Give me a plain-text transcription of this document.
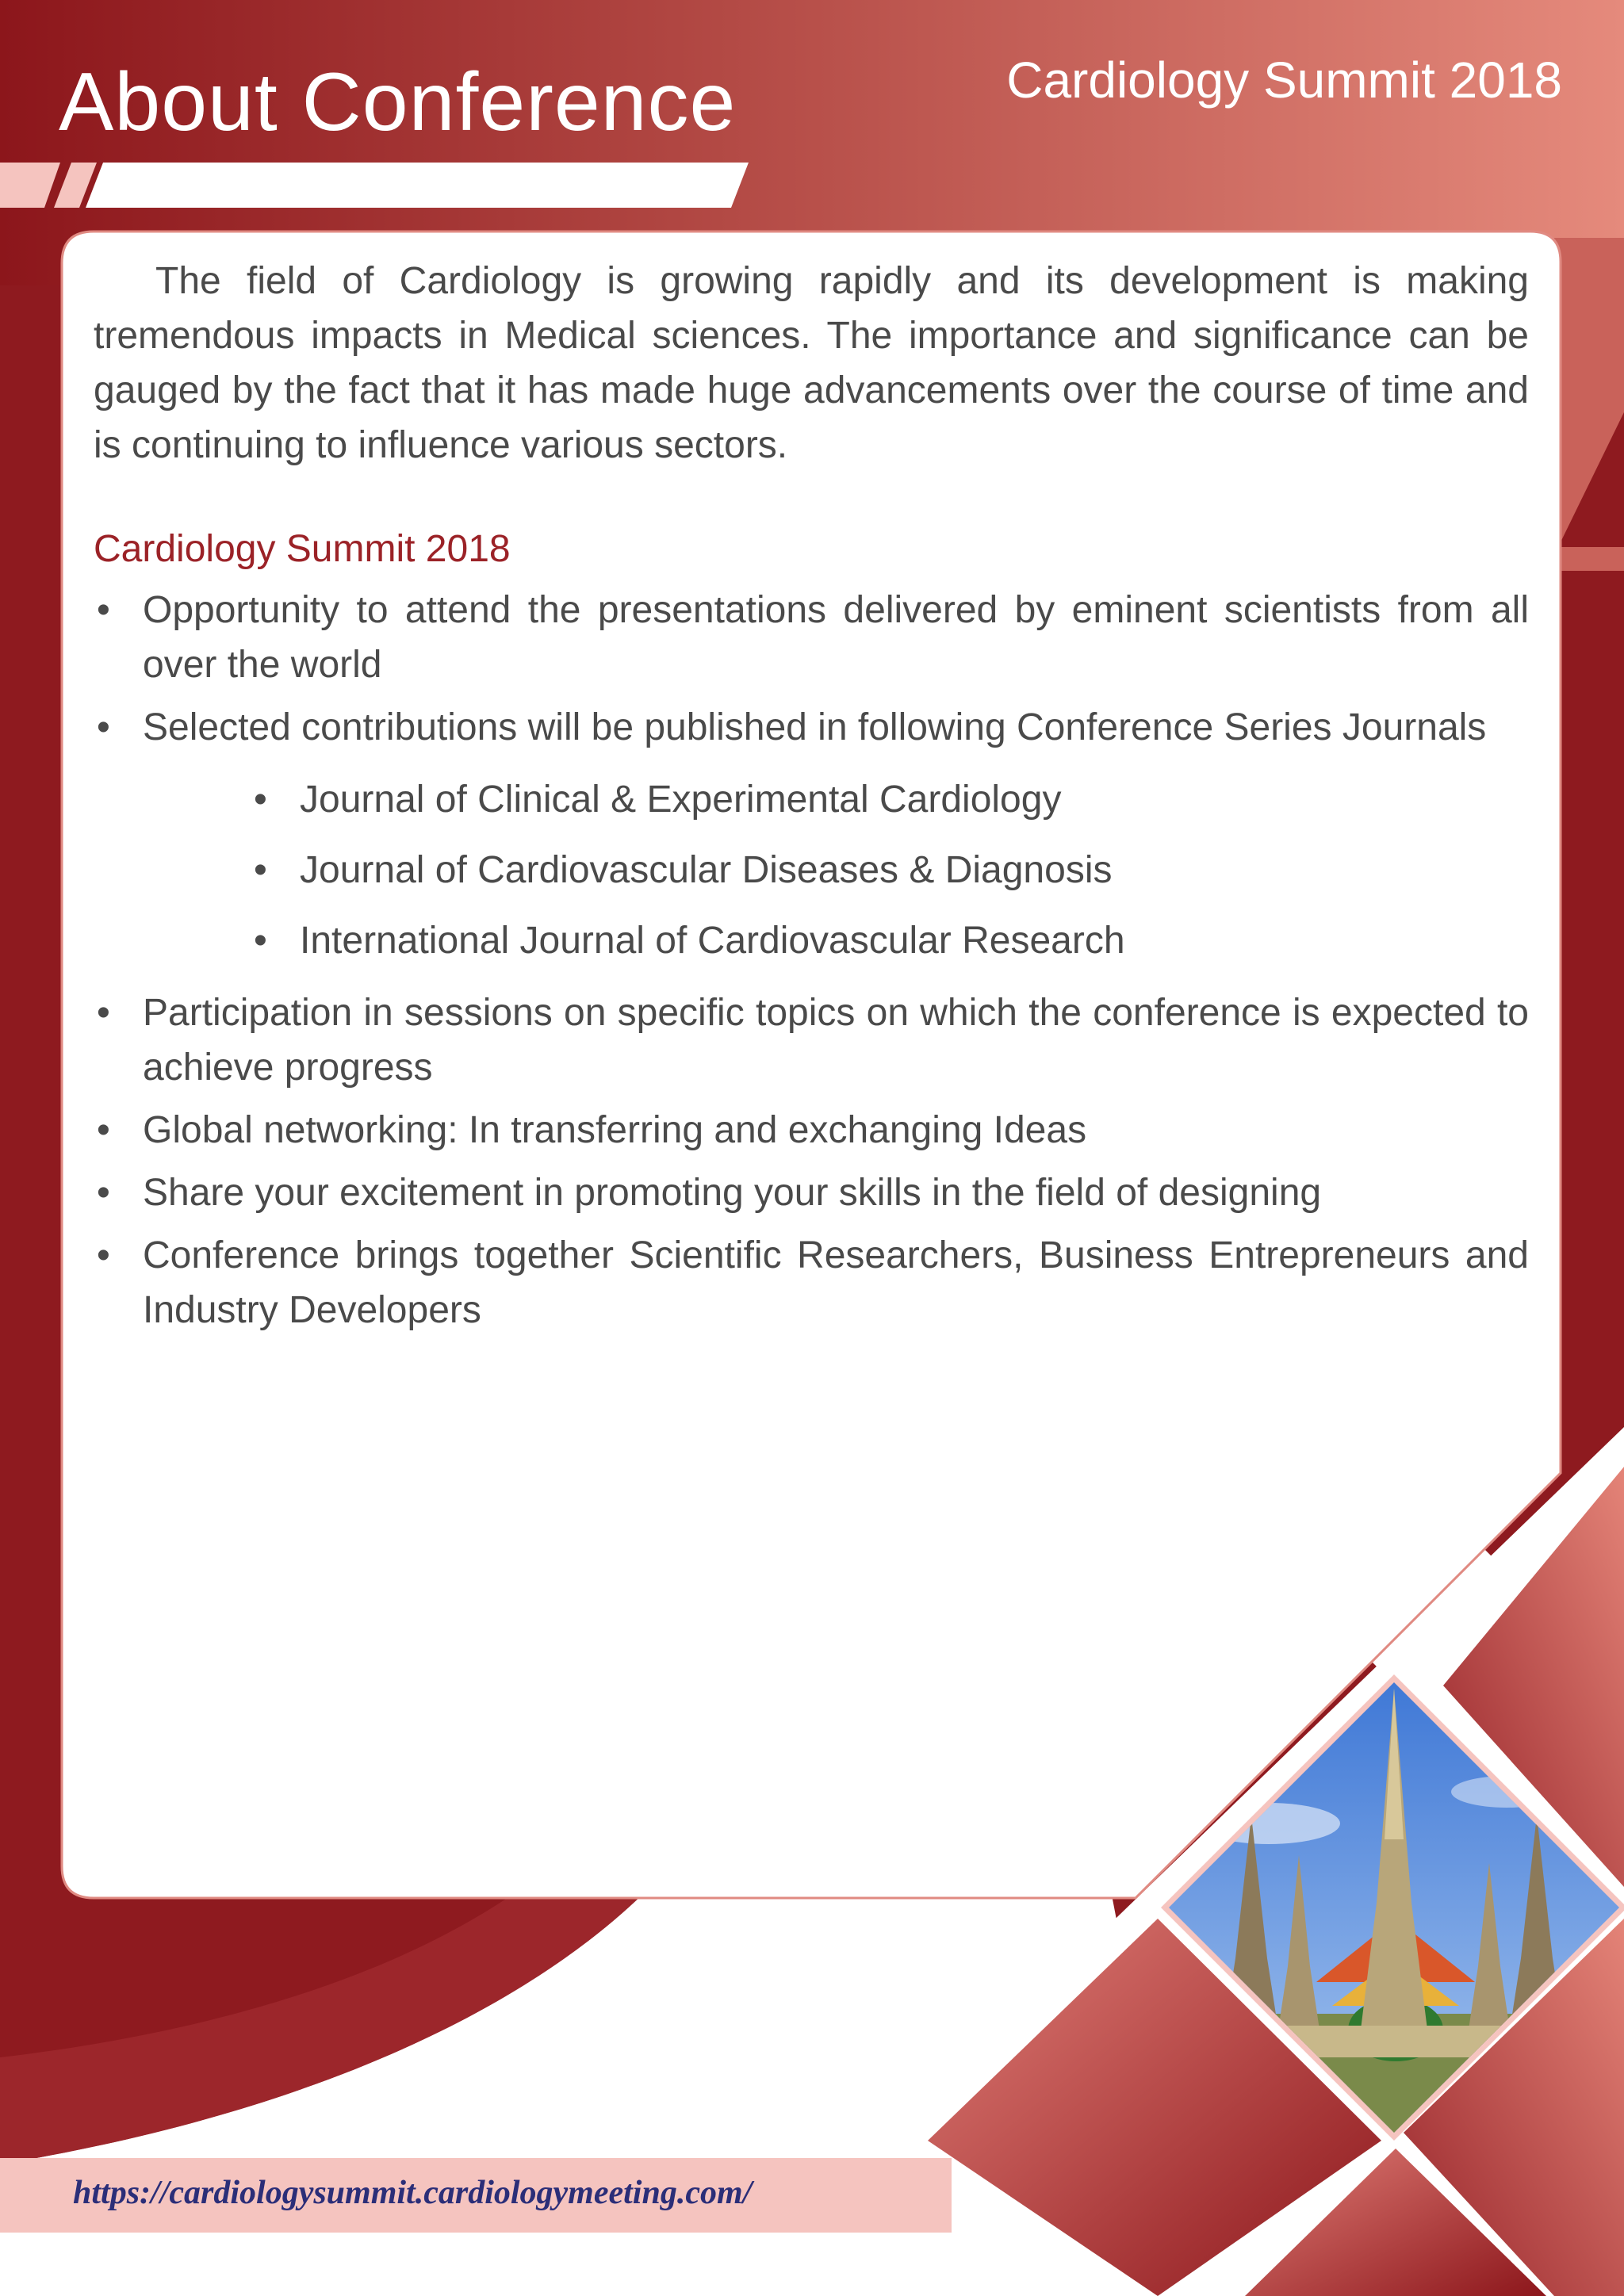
About Conference	Cardiology Summit 2018

The field of Cardiology is growing rapidly and its development is making tremendous impacts in Medical sciences. The importance and significance can be gauged by the fact that it has made huge advancements over the course of time and is continuing to influence various sectors.

Cardiology Summit 2018
• Opportunity to attend the presentations delivered by eminent scientists from all over the world
• Selected contributions will be published in following Conference Series Journals
• Journal of Clinical & Experimental Cardiology
• Journal of Cardiovascular Diseases & Diagnosis
• International Journal of Cardiovascular Research
• Participation in sessions on specific topics on which the conference is expected to achieve progress
• Global networking: In transferring and exchanging Ideas
• Share your excitement in promoting your skills in the field of designing
• Conference brings together Scientific Researchers, Business Entrepreneurs and Industry Developers
https://cardiologysummit.cardiologymeeting.com/
